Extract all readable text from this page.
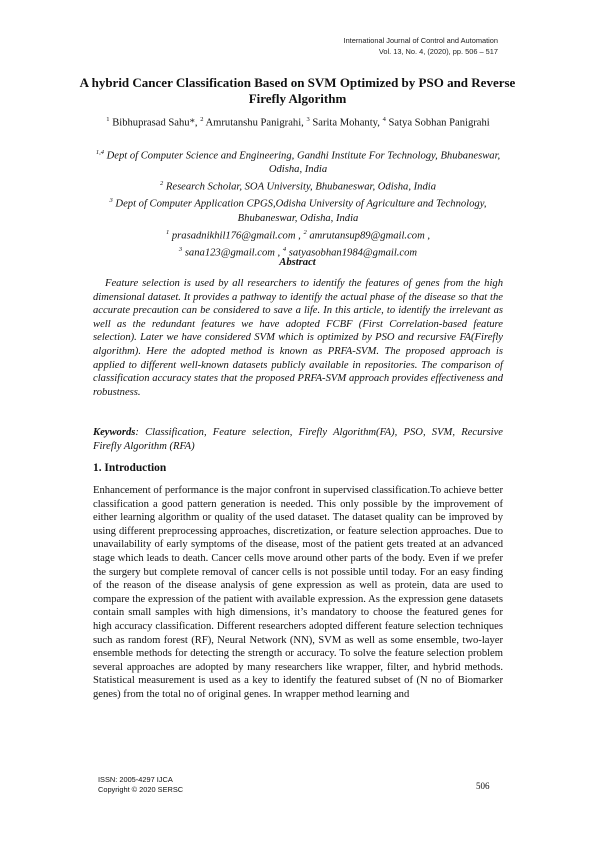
International Journal of Control and Automation
Vol. 13, No. 4, (2020), pp. 506 – 517
A hybrid Cancer Classification Based on SVM Optimized by PSO and Reverse Firefly Algorithm
$^1$ Bibhuprasad Sahu*, $^2$ Amrutanshu Panigrahi, $^3$ Sarita Mohanty, $^4$ Satya Sobhan Panigrahi
$^{1,4}$ Dept of Computer Science and Engineering, Gandhi Institute For Technology, Bhubaneswar, Odisha, India
$^2$ Research Scholar, SOA University, Bhubaneswar, Odisha, India
$^3$ Dept of Computer Application CPGS,Odisha University of Agriculture and Technology, Bhubaneswar, Odisha, India
$^1$ prasadnikhil176@gmail.com , $^2$ amrutansup89@gmail.com ,
$^3$ sana123@gmail.com , $^4$ satyasobhan1984@gmail.com
Abstract

Feature selection is used by all researchers to identify the features of genes from the high dimensional dataset. It provides a pathway to identify the actual phase of the disease so that the accurate precaution can be considered to save a life. In this article, to identify the irrelevant as well as the redundant features we have adopted FCBF (First Correlation-based feature selection). Later we have considered SVM which is optimized by PSO and recursive FA(Firefly algorithm). Here the adopted method is known as PRFA-SVM. The proposed approach is applied to different well-known datasets publicly available in repositories. The comparison of classification accuracy states that the proposed PRFA-SVM approach provides effectiveness and robustness.

Keywords: Classification, Feature selection, Firefly Algorithm(FA), PSO, SVM, Recursive Firefly Algorithm (RFA)

1. Introduction

Enhancement of performance is the major confront in supervised classification.To achieve better classification a good pattern generation is needed. This only possible by the improvement of either learning algorithm or quality of the used dataset. The dataset quality can be improved by using different preprocessing approaches, discretization, or feature selection approaches. Due to unavailability of early symptoms of the disease, most of the patient gets treated at an advanced stage which leads to death. Cancer cells move around other parts of the body. Even if we prefer the surgery but complete removal of cancer cells is not possible until today. For an easy finding of the reason of the disease analysis of gene expression as well as protein, data are used to compare the expression of the patient with available expression. As the expression gene datasets contain small samples with high dimensions, it’s mandatory to choose the featured genes for high accuracy classification. Different researchers adopted different feature selection techniques such as random forest (RF), Neural Network (NN), SVM as well as some ensemble, two-layer ensemble methods for detecting the strength or accuracy. To solve the feature selection problem several approaches are adopted by many researchers like wrapper, filter, and hybrid methods. Statistical measurement is used as a key to identify the featured subset of (N no of Biomarker genes) from the total no of original genes. In wrapper method learning and

ISSN: 2005-4297 IJCA
Copyright © 2020 SERSC	506
